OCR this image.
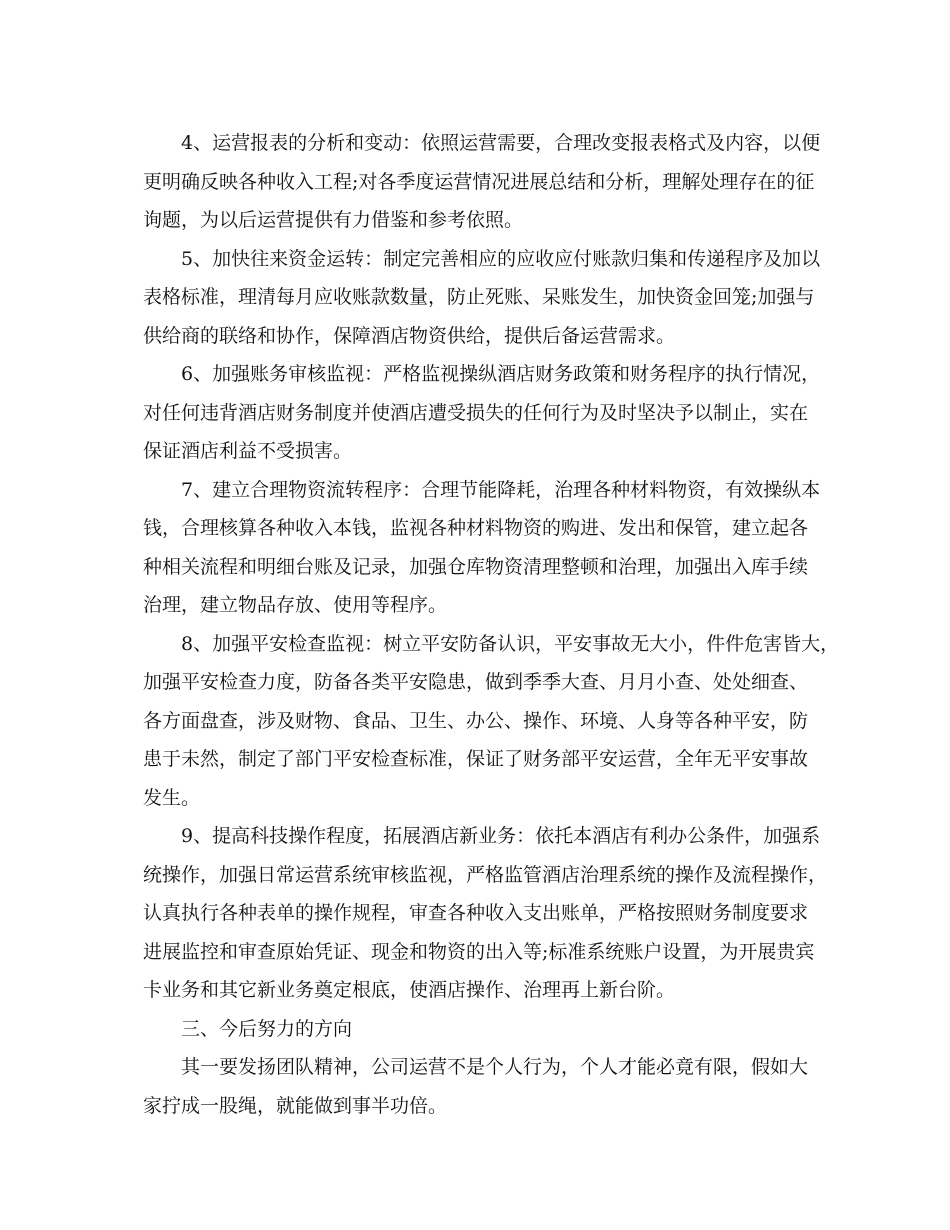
4、运营报表的分析和变动：依照运营需要，合理改变报表格式及内容，以便
更明确反映各种收入工程;对各季度运营情况进展总结和分析，理解处理存在的征
询题，为以后运营提供有力借鉴和参考依照。
5、加快往来资金运转：制定完善相应的应收应付账款归集和传递程序及加以
表格标准，理清每月应收账款数量，防止死账、呆账发生，加快资金回笼;加强与
供给商的联络和协作，保障酒店物资供给，提供后备运营需求。
6、加强账务审核监视：严格监视操纵酒店财务政策和财务程序的执行情况，
对任何违背酒店财务制度并使酒店遭受损失的任何行为及时坚决予以制止，实在
保证酒店利益不受损害。
7、建立合理物资流转程序：合理节能降耗，治理各种材料物资，有效操纵本
钱，合理核算各种收入本钱，监视各种材料物资的购进、发出和保管，建立起各
种相关流程和明细台账及记录，加强仓库物资清理整顿和治理，加强出入库手续
治理，建立物品存放、使用等程序。
8、加强平安检查监视：树立平安防备认识，平安事故无大小，件件危害皆大，
加强平安检查力度，防备各类平安隐患，做到季季大查、月月小查、处处细查、
各方面盘查，涉及财物、食品、卫生、办公、操作、环境、人身等各种平安，防
患于未然，制定了部门平安检查标准，保证了财务部平安运营，全年无平安事故
发生。
9、提高科技操作程度，拓展酒店新业务：依托本酒店有利办公条件，加强系
统操作，加强日常运营系统审核监视，严格监管酒店治理系统的操作及流程操作，
认真执行各种表单的操作规程，审查各种收入支出账单，严格按照财务制度要求
进展监控和审查原始凭证、现金和物资的出入等;标准系统账户设置，为开展贵宾
卡业务和其它新业务奠定根底，使酒店操作、治理再上新台阶。
三、今后努力的方向
其一要发扬团队精神，公司运营不是个人行为，个人才能必竟有限，假如大
家拧成一股绳，就能做到事半功倍。
